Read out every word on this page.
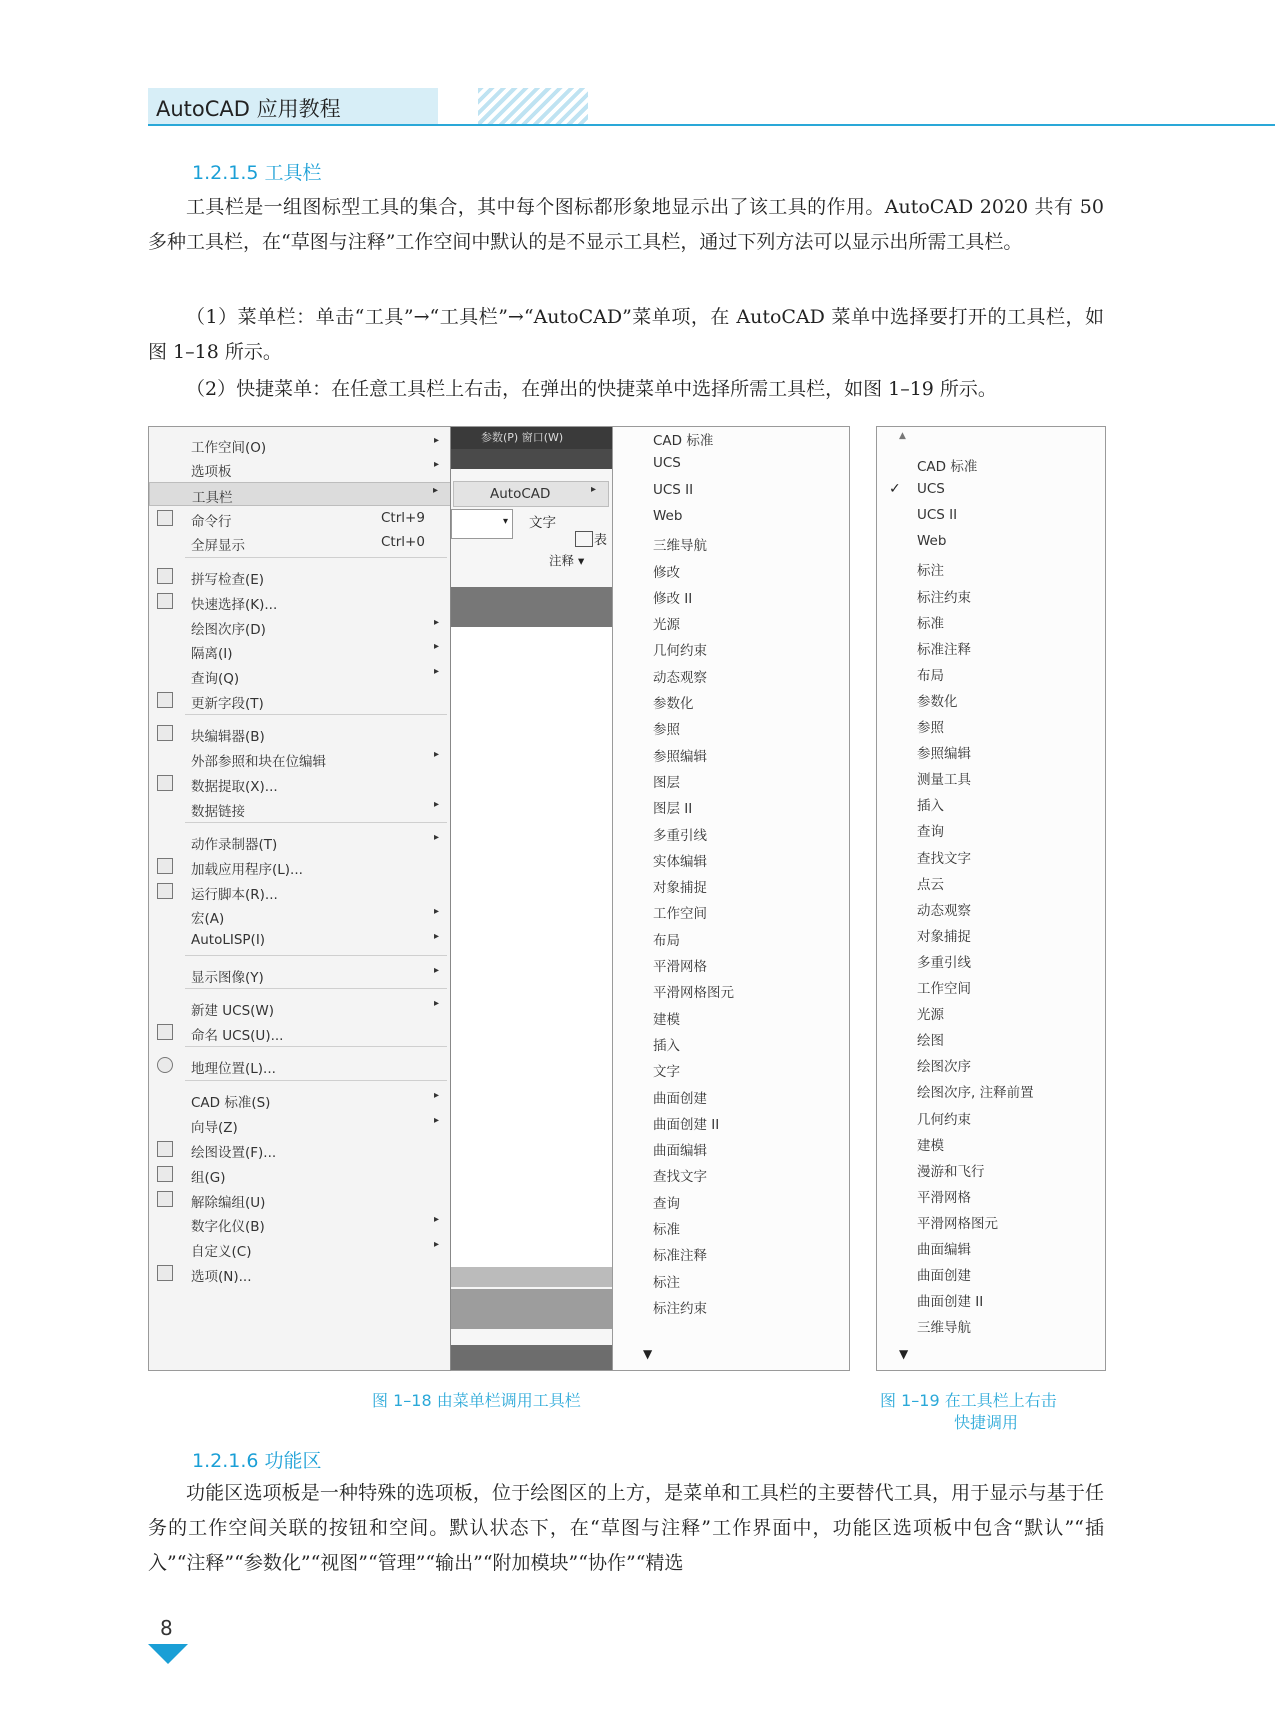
AutoCAD 应用教程
1.2.1.5 工具栏

工具栏是一组图标型工具的集合，其中每个图标都形象地显示出了该工具的作用。AutoCAD 2020 共有 50 多种工具栏，在“草图与注释”工作空间中默认的是不显示工具栏，通过下列方法可以显示出所需工具栏。

（1）菜单栏：单击“工具”→“工具栏”→“AutoCAD”菜单项，在 AutoCAD 菜单中选择要打开的工具栏，如图 1–18 所示。

（2）快捷菜单：在任意工具栏上右击，在弹出的快捷菜单中选择所需工具栏，如图 1–19 所示。

工作空间(O)	▸
选项板	▸
工具栏	▸
命令行	Ctrl+9
全屏显示	Ctrl+0
拼写检查(E)
快速选择(K)...
绘图次序(D)	▸
隔离(I)	▸
查询(Q)	▸
更新字段(T)
块编辑器(B)
外部参照和块在位编辑	▸
数据提取(X)...
数据链接	▸
动作录制器(T)	▸
加载应用程序(L)...
运行脚本(R)...
宏(A)	▸
AutoLISP(I)	▸
显示图像(Y)	▸
新建 UCS(W)	▸
命名 UCS(U)...
地理位置(L)...
CAD 标准(S)	▸
向导(Z)	▸
绘图设置(F)...
组(G)
解除编组(U)
数字化仪(B)	▸
自定义(C)	▸
选项(N)...
参数(P) 窗口(W)
AutoCAD	▸
▾ 文字
表
注释 ▾
CAD 标准
UCS
UCS II
Web
三维导航
修改
修改 II
光源
几何约束
动态观察
参数化
参照
参照编辑
图层
图层 II
多重引线
实体编辑
对象捕捉
工作空间
布局
平滑网格
平滑网格图元
建模
插入
文字
曲面创建
曲面创建 II
曲面编辑
查找文字
查询
标准
标准注释
标注
标注约束
▼
▲
CAD 标准
UCS
UCS II
Web
标注
标注约束
标准
标准注释
布局
参数化
参照
参照编辑
测量工具
插入
查询
查找文字
点云
动态观察
对象捕捉
多重引线
工作空间
光源
绘图
绘图次序
绘图次序, 注释前置
几何约束
建模
漫游和飞行
平滑网格
平滑网格图元
曲面编辑
曲面创建
曲面创建 II
三维导航
✓
▼
图 1–18 由菜单栏调用工具栏	图 1–19 在工具栏上右击
快捷调用
1.2.1.6 功能区

功能区选项板是一种特殊的选项板，位于绘图区的上方，是菜单和工具栏的主要替代工具，用于显示与基于任务的工作空间关联的按钮和空间。默认状态下，在“草图与注释”工作界面中，功能区选项板中包含“默认”“插入”“注释”“参数化”“视图”“管理”“输出”“附加模块”“协作”“精选

8
